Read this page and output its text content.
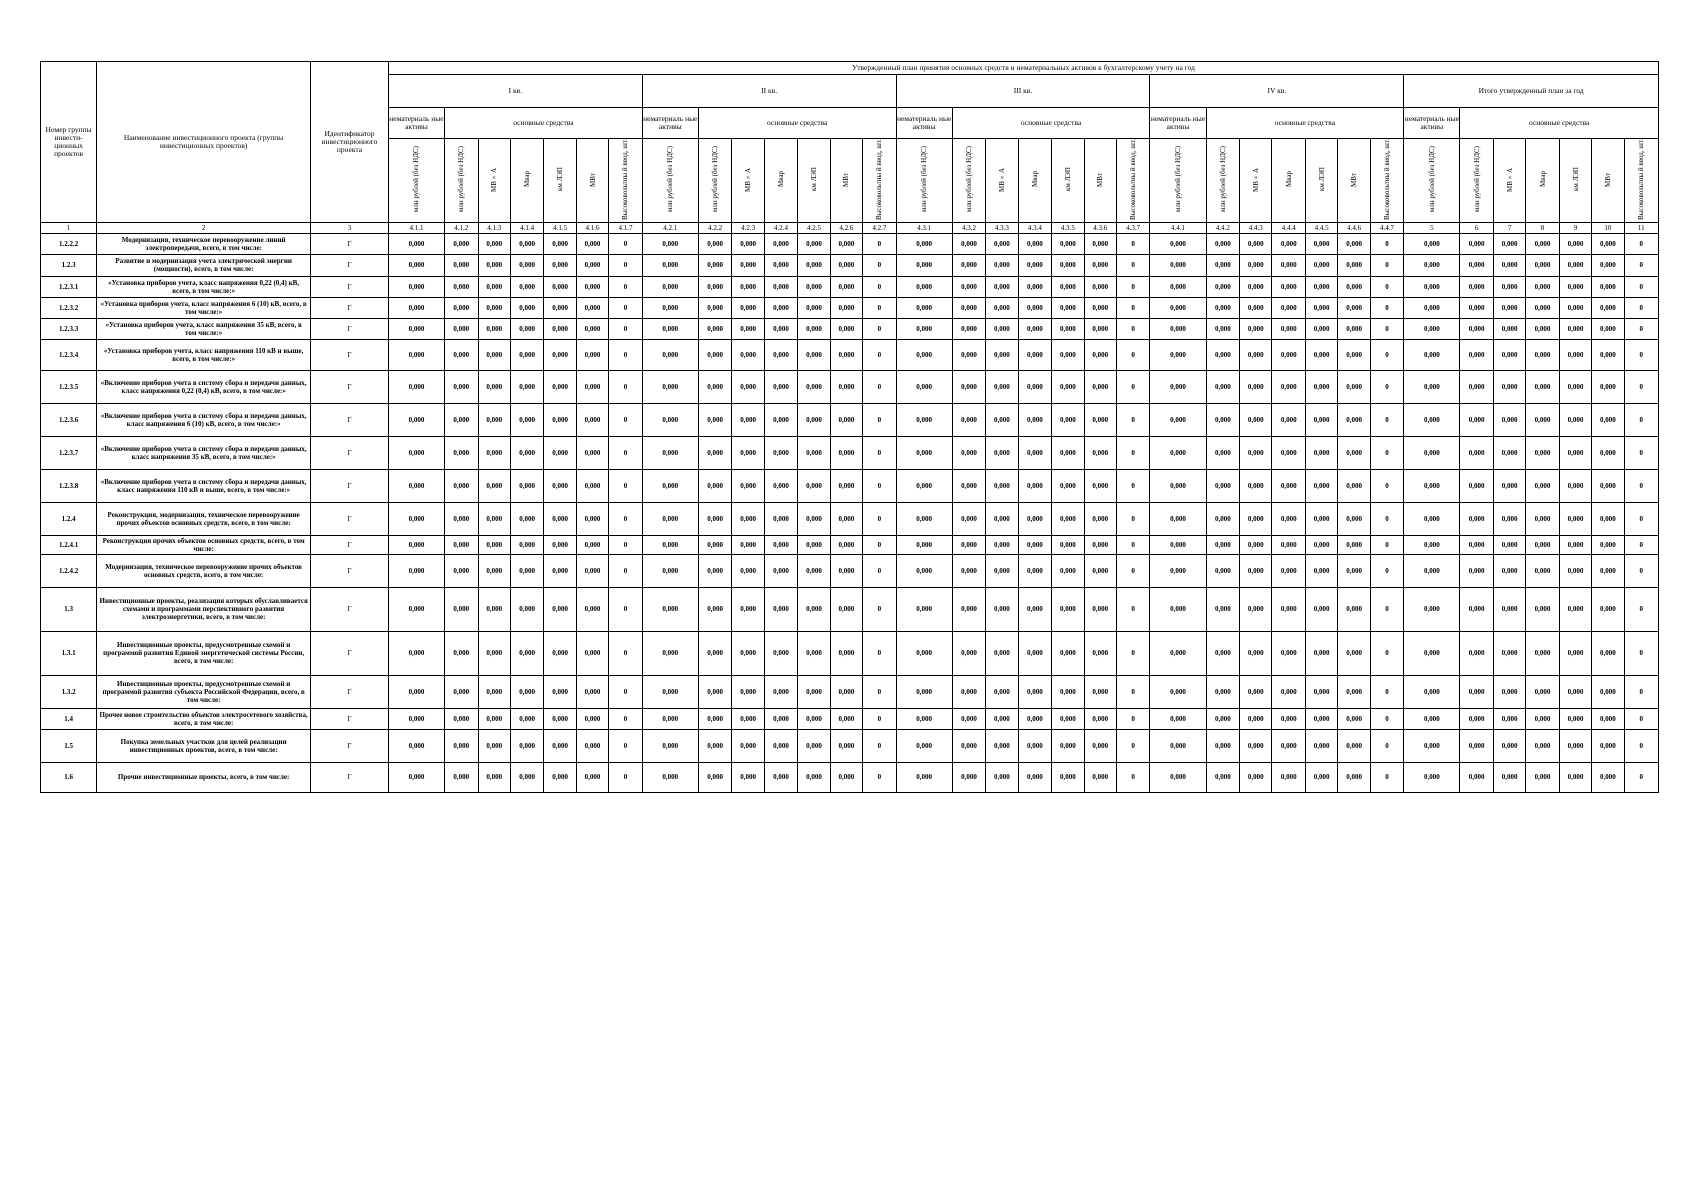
Номер группы инвести-ционных проектов	Наименование инвестиционного проекта (группы инвестиционных проектов)	Идентификатор инвестиционного проекта	Утвержденный план принятия основных средств и нематериальных активов к бухгалтерскому учету на год																																		
			I кв.							II кв.							III кв.							IV кв.							Итого утвержденный план за год						
			нематериаль ные активы	основные средства						нематериаль ные активы	основные средства						нематериаль ные активы	основные средства						нематериаль ные активы	основные средства						нематериаль ные активы	основные средства					
			млн рублей (без НДС)	млн рублей (без НДС)	МВ×А	Мвар	км ЛЭП	МВт	Высоковольтны й ввод, шт.	млн рублей (без НДС)	млн рублей (без НДС)	МВ×А	Мвар	км ЛЭП	МВт	Высоковольтны й ввод, шт.	млн рублей (без НДС)	млн рублей (без НДС)	МВ×А	Мвар	км ЛЭП	МВт	Высоковольтны й ввод, шт.	млн рублей (без НДС)	млн рублей (без НДС)	МВ×А	Мвар	км ЛЭП	МВт	Высоковольтны й ввод, шт.	млн рублей (без НДС)	млн рублей (без НДС)	МВ×А	Мвар	км ЛЭП	МВт	Высоковольтны й ввод, шт.
1	2	3	4.1.1	4.1.2	4.1.3	4.1.4	4.1.5	4.1.6	4.1.7	4.2.1	4.2.2	4.2.3	4.2.4	4.2.5	4.2.6	4.2.7	4.3.1	4.3.2	4.3.3	4.3.4	4.3.5	4.3.6	4.3.7	4.4.1	4.4.2	4.4.3	4.4.4	4.4.5	4.4.6	4.4.7	5	6	7	8	9	10	11
1.2.2.2	Модернизация, техническое перевооружение линий электропередачи, всего, в том числе:	Г	0,000	0,000	0,000	0,000	0,000	0,000	0	0,000	0,000	0,000	0,000	0,000	0,000	0	0,000	0,000	0,000	0,000	0,000	0,000	0	0,000	0,000	0,000	0,000	0,000	0,000	0	0,000	0,000	0,000	0,000	0,000	0,000	0
1.2.3	Развитие и модернизация учета электрической энергии (мощности), всего, в том числе:	Г	0,000	0,000	0,000	0,000	0,000	0,000	0	0,000	0,000	0,000	0,000	0,000	0,000	0	0,000	0,000	0,000	0,000	0,000	0,000	0	0,000	0,000	0,000	0,000	0,000	0,000	0	0,000	0,000	0,000	0,000	0,000	0,000	0
1.2.3.1	«Установка приборов учета, класс напряжения 0,22 (0,4) кВ, всего, в том числе:»	Г	0,000	0,000	0,000	0,000	0,000	0,000	0	0,000	0,000	0,000	0,000	0,000	0,000	0	0,000	0,000	0,000	0,000	0,000	0,000	0	0,000	0,000	0,000	0,000	0,000	0,000	0	0,000	0,000	0,000	0,000	0,000	0,000	0
1.2.3.2	«Установка приборов учета, класс напряжения 6 (10) кВ, всего, в том числе:»	Г	0,000	0,000	0,000	0,000	0,000	0,000	0	0,000	0,000	0,000	0,000	0,000	0,000	0	0,000	0,000	0,000	0,000	0,000	0,000	0	0,000	0,000	0,000	0,000	0,000	0,000	0	0,000	0,000	0,000	0,000	0,000	0,000	0
1.2.3.3	«Установка приборов учета, класс напряжения 35 кВ, всего, в том числе:»	Г	0,000	0,000	0,000	0,000	0,000	0,000	0	0,000	0,000	0,000	0,000	0,000	0,000	0	0,000	0,000	0,000	0,000	0,000	0,000	0	0,000	0,000	0,000	0,000	0,000	0,000	0	0,000	0,000	0,000	0,000	0,000	0,000	0
1.2.3.4	«Установка приборов учета, класс напряжения 110 кВ и выше, всего, в том числе:»	Г	0,000	0,000	0,000	0,000	0,000	0,000	0	0,000	0,000	0,000	0,000	0,000	0,000	0	0,000	0,000	0,000	0,000	0,000	0,000	0	0,000	0,000	0,000	0,000	0,000	0,000	0	0,000	0,000	0,000	0,000	0,000	0,000	0
1.2.3.5	«Включение приборов учета в систему сбора и передачи данных, класс напряжения 0,22 (0,4) кВ, всего, в том числе:»	Г	0,000	0,000	0,000	0,000	0,000	0,000	0	0,000	0,000	0,000	0,000	0,000	0,000	0	0,000	0,000	0,000	0,000	0,000	0,000	0	0,000	0,000	0,000	0,000	0,000	0,000	0	0,000	0,000	0,000	0,000	0,000	0,000	0
1.2.3.6	«Включение приборов учета в систему сбора и передачи данных, класс напряжения 6 (10) кВ, всего, в том числе:»	Г	0,000	0,000	0,000	0,000	0,000	0,000	0	0,000	0,000	0,000	0,000	0,000	0,000	0	0,000	0,000	0,000	0,000	0,000	0,000	0	0,000	0,000	0,000	0,000	0,000	0,000	0	0,000	0,000	0,000	0,000	0,000	0,000	0
1.2.3.7	«Включение приборов учета в систему сбора и передачи данных, класс напряжения 35 кВ, всего, в том числе:»	Г	0,000	0,000	0,000	0,000	0,000	0,000	0	0,000	0,000	0,000	0,000	0,000	0,000	0	0,000	0,000	0,000	0,000	0,000	0,000	0	0,000	0,000	0,000	0,000	0,000	0,000	0	0,000	0,000	0,000	0,000	0,000	0,000	0
1.2.3.8	«Включение приборов учета в систему сбора и передачи данных, класс напряжения 110 кВ и выше, всего, в том числе:»	Г	0,000	0,000	0,000	0,000	0,000	0,000	0	0,000	0,000	0,000	0,000	0,000	0,000	0	0,000	0,000	0,000	0,000	0,000	0,000	0	0,000	0,000	0,000	0,000	0,000	0,000	0	0,000	0,000	0,000	0,000	0,000	0,000	0
1.2.4	Реконструкция, модернизация, техническое перевооружение прочих объектов основных средств, всего, в том числе:	Г	0,000	0,000	0,000	0,000	0,000	0,000	0	0,000	0,000	0,000	0,000	0,000	0,000	0	0,000	0,000	0,000	0,000	0,000	0,000	0	0,000	0,000	0,000	0,000	0,000	0,000	0	0,000	0,000	0,000	0,000	0,000	0,000	0
1.2.4.1	Реконструкция прочих объектов основных средств, всего, в том числе:	Г	0,000	0,000	0,000	0,000	0,000	0,000	0	0,000	0,000	0,000	0,000	0,000	0,000	0	0,000	0,000	0,000	0,000	0,000	0,000	0	0,000	0,000	0,000	0,000	0,000	0,000	0	0,000	0,000	0,000	0,000	0,000	0,000	0
1.2.4.2	Модернизация, техническое перевооружение прочих объектов основных средств, всего, в том числе:	Г	0,000	0,000	0,000	0,000	0,000	0,000	0	0,000	0,000	0,000	0,000	0,000	0,000	0	0,000	0,000	0,000	0,000	0,000	0,000	0	0,000	0,000	0,000	0,000	0,000	0,000	0	0,000	0,000	0,000	0,000	0,000	0,000	0
1.3	Инвестиционные проекты, реализация которых обуславливается схемами и программами перспективного развития электроэнергетики, всего, в том числе:	Г	0,000	0,000	0,000	0,000	0,000	0,000	0	0,000	0,000	0,000	0,000	0,000	0,000	0	0,000	0,000	0,000	0,000	0,000	0,000	0	0,000	0,000	0,000	0,000	0,000	0,000	0	0,000	0,000	0,000	0,000	0,000	0,000	0
1.3.1	Инвестиционные проекты, предусмотренные схемой и программой развития Единой энергетической системы России, всего, в том числе:	Г	0,000	0,000	0,000	0,000	0,000	0,000	0	0,000	0,000	0,000	0,000	0,000	0,000	0	0,000	0,000	0,000	0,000	0,000	0,000	0	0,000	0,000	0,000	0,000	0,000	0,000	0	0,000	0,000	0,000	0,000	0,000	0,000	0
1.3.2	Инвестиционные проекты, предусмотренные схемой и программой развития субъекта Российской Федерации, всего, в том числе:	Г	0,000	0,000	0,000	0,000	0,000	0,000	0	0,000	0,000	0,000	0,000	0,000	0,000	0	0,000	0,000	0,000	0,000	0,000	0,000	0	0,000	0,000	0,000	0,000	0,000	0,000	0	0,000	0,000	0,000	0,000	0,000	0,000	0
1.4	Прочее новое строительство объектов электросетевого хозяйства, всего, в том числе:	Г	0,000	0,000	0,000	0,000	0,000	0,000	0	0,000	0,000	0,000	0,000	0,000	0,000	0	0,000	0,000	0,000	0,000	0,000	0,000	0	0,000	0,000	0,000	0,000	0,000	0,000	0	0,000	0,000	0,000	0,000	0,000	0,000	0
1.5	Покупка земельных участков для целей реализации инвестиционных проектов, всего, в том числе:	Г	0,000	0,000	0,000	0,000	0,000	0,000	0	0,000	0,000	0,000	0,000	0,000	0,000	0	0,000	0,000	0,000	0,000	0,000	0,000	0	0,000	0,000	0,000	0,000	0,000	0,000	0	0,000	0,000	0,000	0,000	0,000	0,000	0
1.6	Прочие инвестиционные проекты, всего, в том числе:	Г	0,000	0,000	0,000	0,000	0,000	0,000	0	0,000	0,000	0,000	0,000	0,000	0,000	0	0,000	0,000	0,000	0,000	0,000	0,000	0	0,000	0,000	0,000	0,000	0,000	0,000	0	0,000	0,000	0,000	0,000	0,000	0,000	0
